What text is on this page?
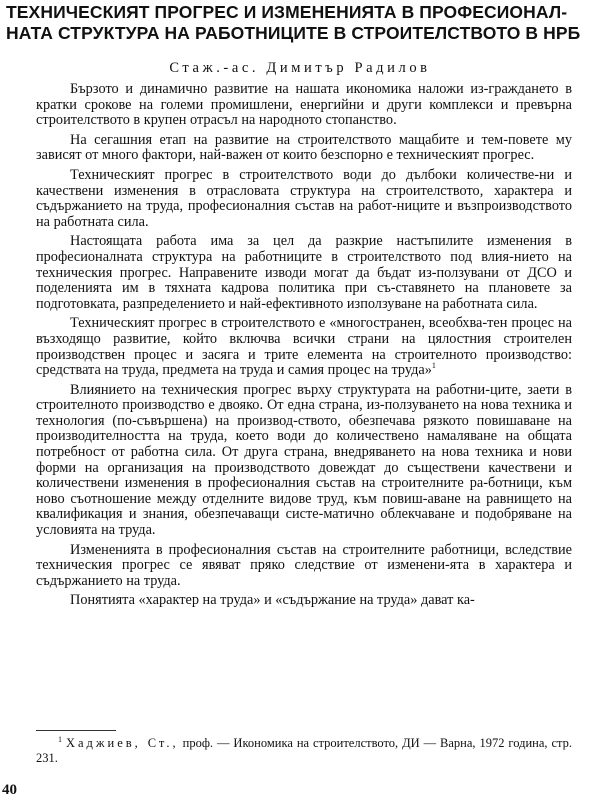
ТЕХНИЧЕСКИЯТ ПРОГРЕС И ИЗМЕНЕНИЯТА В ПРОФЕСИОНАЛ-
НАТА СТРУКТУРА НА РАБОТНИЦИТЕ В СТРОИТЕЛСТВОТО В НРБ
Стаж.-ас. Димитър Радилов

Бързото и динамично развитие на нашата икономика наложи из-граждането в кратки срокове на големи промишлени, енергийни и други комплекси и превърна строителството в крупен отрасъл на народното стопанство.

На сегашния етап на развитие на строителството мащабите и тем-повете му зависят от много фактори, най-важен от които безспорно е техническият прогрес.

Техническият прогрес в строителството води до дълбоки количестве-ни и качествени изменения в отрасловата структура на строителството, характера и съдържанието на труда, професионалния състав на работ-ниците и възпроизводството на работната сила.

Настоящата работа има за цел да разкрие настъпилите изменения в професионалната структура на работниците в строителството под влия-нието на техническия прогрес. Направените изводи могат да бъдат из-ползувани от ДСО и поделенията им в тяхната кадрова политика при съ-ставянето на плановете за подготовката, разпределението и най-ефективното използуване на работната сила.

Техническият прогрес в строителството е «многостранен, всеобхва-тен процес на възходящо развитие, който включва всички страни на цялостния строителен производствен процес и засяга и трите елемента на строителното производство: средствата на труда, предмета на труда и самия процес на труда»$^1$

Влиянието на техническия прогрес върху структурата на работни-ците, заети в строителното производство е двояко. От една страна, из-ползуването на нова техника и технология (по-съвършена) на производ-ството, обезпечава рязкото повишаване на производителността на труда, което води до количествено намаляване на общата потребност от работна сила. От друга страна, внедряването на нова техника и нови форми на организация на производството довеждат до съществени качествени и количествени изменения в професионалния състав на строителните ра-ботници, към ново съотношение между отделните видове труд, към повиш-аване на равнището на квалификация и знания, обезпечаващи систе-матично облекчаване и подобряване на условията на труда.

Измененията в професионалния състав на строителните работници, вследствие техническия прогрес се явяват пряко следствие от изменени-ята в характера и съдържанието на труда.

Понятията «характер на труда» и «съдържание на труда» дават ка-

$^1$ Хаджиев, Ст., проф. — Икономика на строителството, ДИ — Варна, 1972 година, стр. 231.
40
